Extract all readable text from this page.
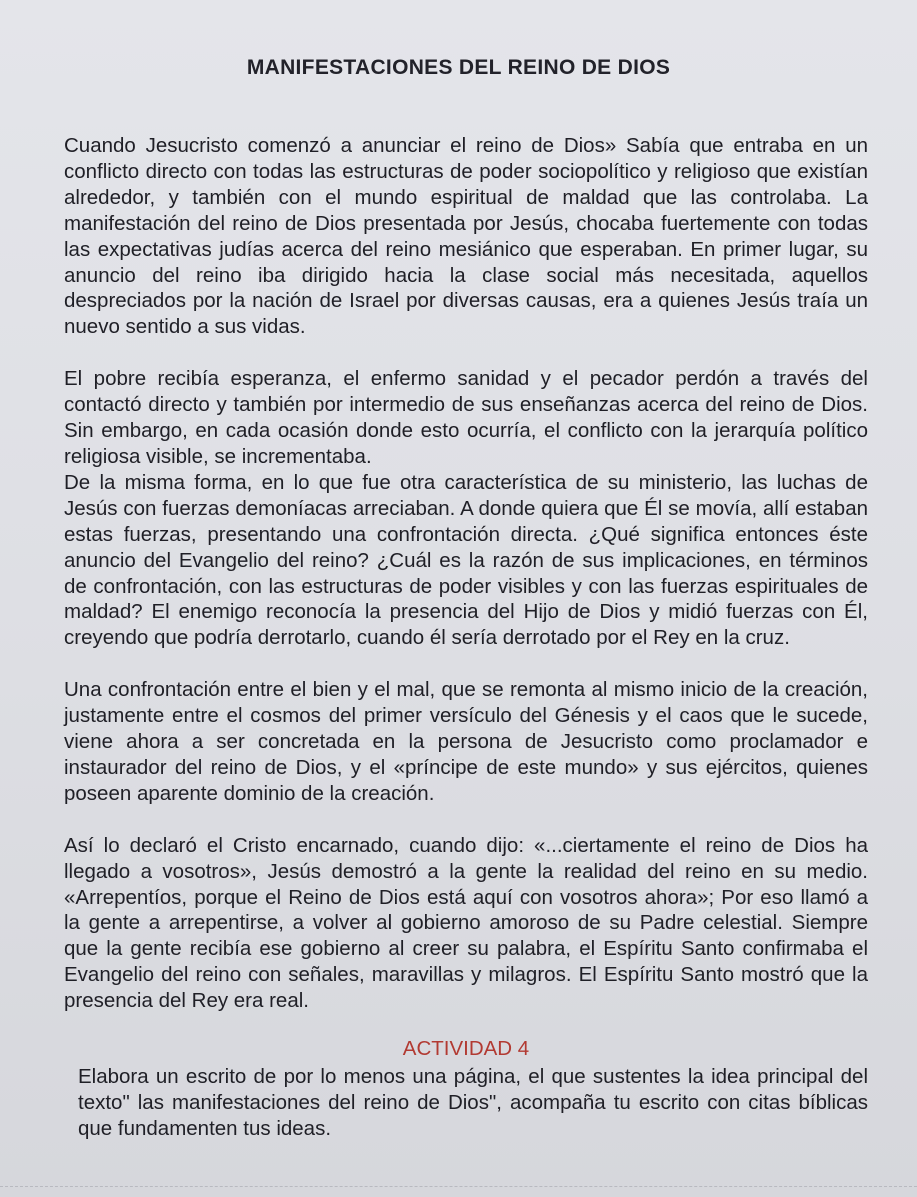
MANIFESTACIONES DEL REINO DE DIOS

Cuando Jesucristo comenzó a anunciar el reino de Dios» Sabía que entraba en un conflicto directo con todas las estructuras de poder sociopolítico y religioso que existían alrededor, y también con el mundo espiritual de maldad que las controlaba. La manifestación del reino de Dios presentada por Jesús, chocaba fuertemente con todas las expectativas judías acerca del reino mesiánico que esperaban. En primer lugar, su anuncio del reino iba dirigido hacia la clase social más necesitada, aquellos despreciados por la nación de Israel por diversas causas, era a quienes Jesús traía un nuevo sentido a sus vidas.

El pobre recibía esperanza, el enfermo sanidad y el pecador perdón a través del contactó directo y también por intermedio de sus enseñanzas acerca del reino de Dios. Sin embargo, en cada ocasión donde esto ocurría, el conflicto con la jerarquía político religiosa visible, se incrementaba.

De la misma forma, en lo que fue otra característica de su ministerio, las luchas de Jesús con fuerzas demoníacas arreciaban. A donde quiera que Él se movía, allí estaban estas fuerzas, presentando una confrontación directa. ¿Qué significa entonces éste anuncio del Evangelio del reino? ¿Cuál es la razón de sus implicaciones, en términos de confrontación, con las estructuras de poder visibles y con las fuerzas espirituales de maldad? El enemigo reconocía la presencia del Hijo de Dios y midió fuerzas con Él, creyendo que podría derrotarlo, cuando él sería derrotado por el Rey en la cruz.

Una confrontación entre el bien y el mal, que se remonta al mismo inicio de la creación, justamente entre el cosmos del primer versículo del Génesis y el caos que le sucede, viene ahora a ser concretada en la persona de Jesucristo como proclamador e instaurador del reino de Dios, y el «príncipe de este mundo» y sus ejércitos, quienes poseen aparente dominio de la creación.

Así lo declaró el Cristo encarnado, cuando dijo: «...ciertamente el reino de Dios ha llegado a vosotros», Jesús demostró a la gente la realidad del reino en su medio. «Arrepentíos, porque el Reino de Dios está aquí con vosotros ahora»; Por eso llamó a la gente a arrepentirse, a volver al gobierno amoroso de su Padre celestial. Siempre que la gente recibía ese gobierno al creer su palabra, el Espíritu Santo confirmaba el Evangelio del reino con señales, maravillas y milagros. El Espíritu Santo mostró que la presencia del Rey era real.

ACTIVIDAD 4

Elabora un escrito de por lo menos una página, el que sustentes la idea principal del texto" las manifestaciones del reino de Dios", acompaña tu escrito con citas bíblicas que fundamenten tus ideas.
